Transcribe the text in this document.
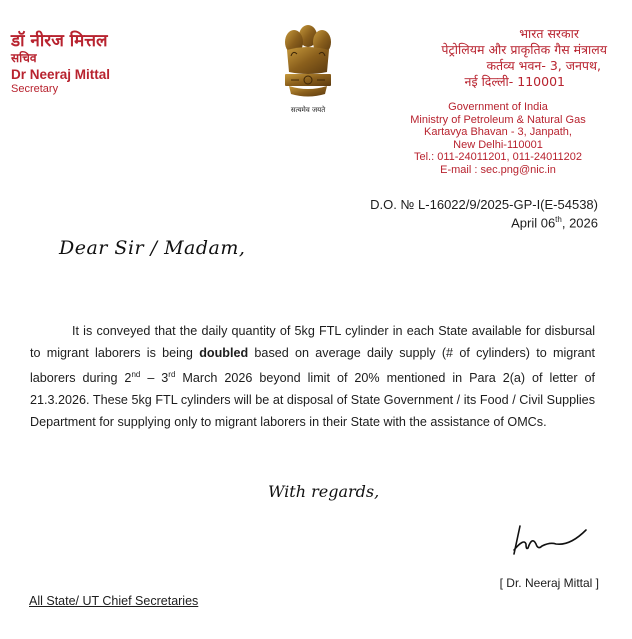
डॉ नीरज मित्तल
सचिव
Dr Neeraj Mittal
Secretary
सत्यमेव जयते
भारत सरकार
पेट्रोलियम और प्राकृतिक गैस मंत्रालय
कर्तव्य भवन- 3, जनपथ,
नई दिल्ली- 110001
Government of India
Ministry of Petroleum & Natural Gas
Kartavya Bhavan - 3, Janpath,
New Delhi-110001
Tel.: 011-24011201, 011-24011202
E-mail : sec.png@nic.in
D.O. № L-16022/9/2025-GP-I(E-54538)
April 06th, 2026
Dear Sir / Madam,
It is conveyed that the daily quantity of 5kg FTL cylinder in each State available for disbursal to migrant laborers is being doubled based on average daily supply (# of cylinders) to migrant laborers during 2nd – 3rd March 2026 beyond limit of 20% mentioned in Para 2(a) of letter of 21.3.2026. These 5kg FTL cylinders will be at disposal of State Government / its Food / Civil Supplies Department for supplying only to migrant laborers in their State with the assistance of OMCs.
With regards,
[ Dr. Neeraj Mittal ]
All State/ UT Chief Secretaries
